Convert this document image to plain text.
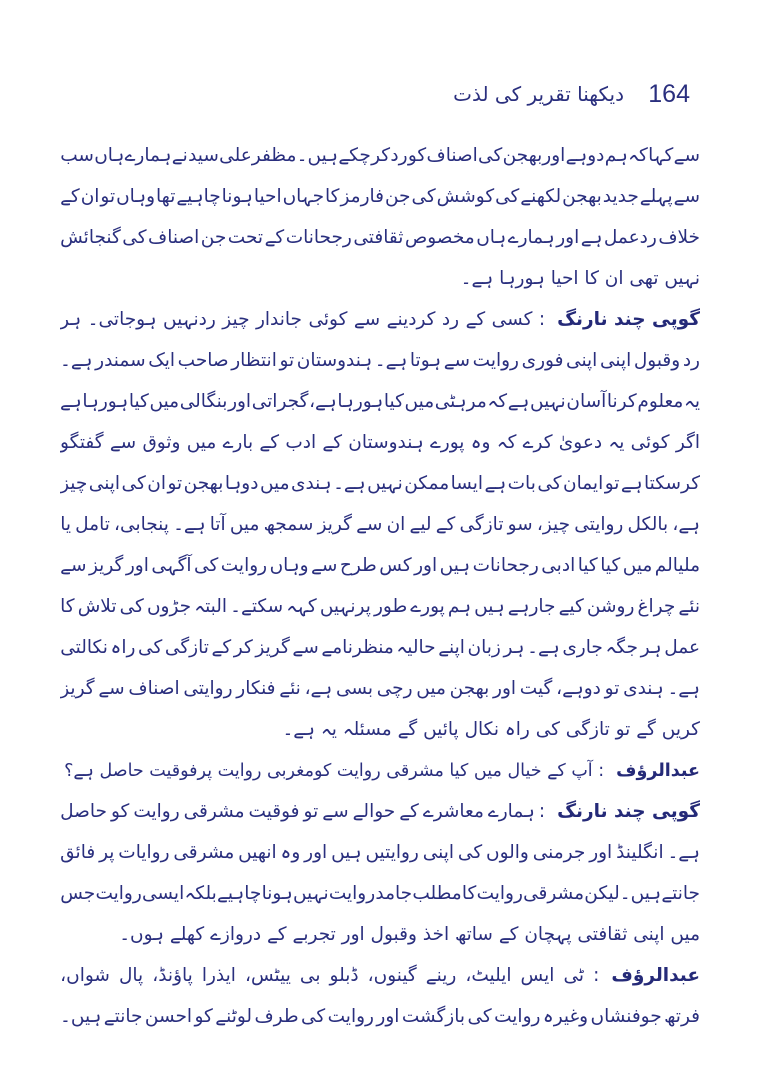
164
دیکھنا تقریر کی لذت
سے
کہا
کہ
ہم
دوہے
اوربھجن
کی
اصناف
کو
رد
کر
چکے
ہیں۔
مظفرعلی
سید
نے
ہمارے
ہاں
سب
سے
پہلے
جدید
بھجن
لکھنے
کی
کوشش
کی
جن
فارمز
کا
جہاں
احیا
ہونا
چاہیے
تھا
وہاں
تو
ان
کے
خلاف
ردعمل
ہے
اور
ہمارے
ہاں
مخصوص
ثقافتی
رجحانات
کے
تحت
جن
اصناف
کی
گنجائش
نہیں تھی ان کا احیا ہورہا ہے۔
گوپی چند نارنگ
:
کسی
کے
رد
کردینے
سے
کوئی
جاندار
چیز
ردنہیں
ہوجاتی۔
ہر
رد
وقبول
اپنی
اپنی
فوری
روایت
سے
ہوتا
ہے۔
ہندوستان
تو
انتظار
صاحب
ایک
سمندر
ہے۔
یہ
معلوم
کرنا
آسان
نہیں
ہے
کہ
مرہٹی
میں
کیا
ہورہا
ہے،
گجراتی
اور
بنگالی
میں
کیا
ہورہا
ہے
اگر
کوئی
یہ
دعویٰ
کرے
کہ
وہ
پورے
ہندوستان
کے
ادب
کے
بارے
میں
وثوق
سے
گفتگو
کرسکتا
ہے
تو
ایمان
کی
بات
ہے
ایسا
ممکن
نہیں
ہے۔
ہندی
میں
دوہا
بھجن
تو
ان
کی
اپنی
چیز
ہے،
بالکل
روایتی
چیز،
سو
تازگی
کے
لیے
ان
سے
گریز
سمجھ
میں
آتا
ہے۔
پنجابی،
تامل
یا
ملیالم
میں
کیا
کیا
ادبی
رجحانات
ہیں
اور
کس
طرح
سے
وہاں
روایت
کی
آگہی
اور
گریز
سے
نئے
چراغ
روشن
کیے
جارہے
ہیں
ہم
پورے
طور
پرنہیں
کہہ
سکتے۔
البتہ
جڑوں
کی
تلاش
کا
عمل
ہر
جگہ
جاری
ہے۔
ہر
زبان
اپنے
حالیہ
منظرنامے
سے
گریز
کر
کے
تازگی
کی
راہ
نکالتی
ہے۔
ہندی
تو
دوہے،
گیت
اور
بھجن
میں
رچی
بسی
ہے،
نئے
فنکار
روایتی
اصناف
سے
گریز
کریں گے تو تازگی کی راہ نکال پائیں گے مسئلہ یہ ہے۔
عبدالرؤف
: آپ کے خیال میں کیا مشرقی روایت کومغربی روایت پرفوقیت حاصل ہے؟
گوپی چند نارنگ
:
ہمارے
معاشرے
کے
حوالے
سے
تو
فوقیت
مشرقی
روایت
کو
حاصل
ہے۔
انگلینڈ
اور
جرمنی
والوں
کی
اپنی
روایتیں
ہیں
اور
وہ
انھیں
مشرقی
روایات
پر
فائق
جانتے
ہیں۔لیکن
مشرقی
روایت
کا
مطلب
جامد
روایت
نہیں
ہونا
چاہیے
بلکہ
ایسی
روایت
جس
میں اپنی ثقافتی پہچان کے ساتھ اخذ وقبول اور تجربے کے دروازے کھلے ہوں۔
عبدالرؤف
:
ٹی
ایس
ایلیٹ،
رینے
گینوں،
ڈبلو
بی
ییٹس،
ایذرا
پاؤنڈ،
پال
شواں،
فرتھ
جوفنشاں
وغیرہ
روایت
کی
بازگشت
اور
روایت
کی
طرف
لوٹنے
کو
احسن
جانتے
ہیں۔
